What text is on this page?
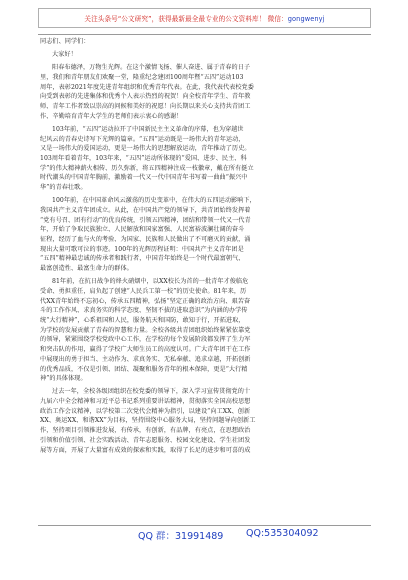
关注头条号“公文研究”，获得最新最全最专业的公文资料库！ 微信：gongwenyj
同志们、同学们：
大家好！
阳春布德泽，万物生光辉。在这个激情飞扬、催人奋进、属于青春的日子
里，我们和青年朋友们欢聚一堂，隆重纪念建团100周年暨“五四”运动103
周年，表彰2021年度先进青年组织和优秀青年代表。在此，我代表代表校党委
向受到表彰的先进集体和优秀个人表示热烈的祝贺！向全校青年学生、青年教
师、青年工作者致以崇高的问候和美好的祝愿！向长期以来关心支持共青团工
作、辛勤培育青年大学生的老师们表示衷心的感谢！
103年前，“五四”运动拉开了中国新民主主义革命的序幕，也为穿越世
纪风云的青春史诗写下光辉的篇章。“五四”运动既是一场伟大的青年运动，
又是一场伟大的爱国运动，更是一场伟大的思想解放运动，青年推动了历史。
103周年看着青年，103年来，“五四”运动所体现的“爱国、进步、民主、科
学”的伟大精神薪火相传、历久弥新，将五四精神注成一枝徽章，戴在所有挺立
时代潮头的中国青年胸前，激励着一代又一代中国青年书写着一曲曲“振兴中
华”的青春壮歌。
100年前，在中国革命风云激荡的历史变革中，在伟大的五四运动影响下，
我国共产主义青年团成立。从此，在中国共产党的领导下，共青团始终发挥着
“党有号召、团有行动”的优良传统，引领五四精神，团结和带领一代又一代青
年，开始了争取民族独立、人民解放和国家富强、人民富裕波澜壮阔的奋斗
征程，经历了血与火的考验、为国家、民族和人民做出了不可磨灭的贡献，涌
现出大量可歌可泣的事迹。100年的光辉历程证明：中国共产主义青年团是
“五四”精神最忠诚的传承者和践行者，中国青年始终是一个时代最富朝气、
最富创造性、最富生命力的群体。
81年前，在抗日战争的烽火硝烟中，以XX校长为首的一批青年才俊临危
受命、勇担重任，肩负起了创建“人民兵工第一校”的历史使命。81年来，历
代XX青年始终不忘初心，传承五四精神，弘扬“坚定正确的政治方向、艰苦奋
斗的工作作风、求真务实的科学态度、坚韧不拔的进取意识”为内涵的办学传
统“大行精神”，心系祖国和人民，服务航天和国防，敢知于行，开拓进取，
为学校的发展贡献了青春的智慧和力量。全校各级共青团组织始终紧紧依靠党
的领导，紧紧围绕学校党政中心工作，在学校的每个发展阶段都发挥了生力军
和突击队的作用，赢得了学校广大师生员工的高度认可。广大青年团干在工作
中展现出的勇于担当、主动作为、求真务实、无私奉献、追求卓越，开拓创新
的优秀品质，不仅是引领、团结、凝聚和服务青年的根本保障，更是“大行精
神”的具体体现。
过去一年，全校各级团组织在校党委的领导下，深入学习宣传贯彻党的十
九届六中全会精神和习近平总书记系列重要讲话精神，贯彻落实全国高校思想
政治工作会议精神，以学校第二次党代会精神为指引，以建设“向工XX、创新
XX、奥运XX、和谐XX”为目标，坚持围绕中心服务大局，坚持问题导向创新工
作，坚持项目引领推进发展，有传承，有创新，有品牌，有亮点，在思想政治
引领和价值引领、社会实践活动、青年志愿服务、校园文化建设、学生社团发
展等方面，开展了大量富有成效的探索和实践，取得了长足的进步和可喜的成
QQ 群：31991489 QQ:535304092
